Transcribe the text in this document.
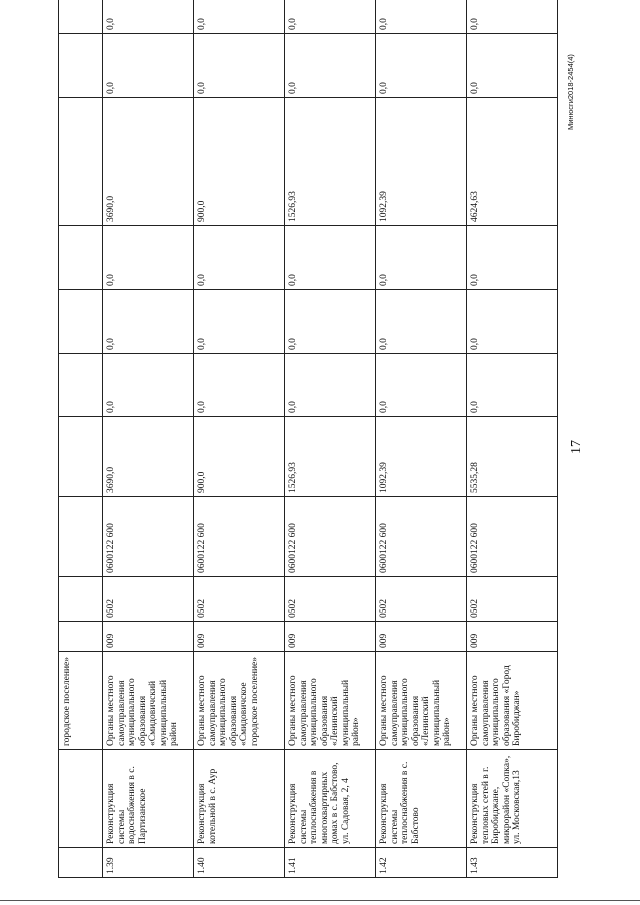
		городское поселение»										
1.39	Реконструкция системы водоснабжения в с. Партизанское	Органы местного самоуправления муниципального образования «Смидовичский муниципальный район	009	0502	0600122 600	3690,0	0,0	0,0	0,0	3690,0	0,0	0,0
1.40	Реконструкция котельной в с. Аур	Органы местного самоуправления муниципального образования «Смидовичское городское поселение»	009	0502	0600122 600	900,0	0,0	0,0	0,0	900,0	0,0	0,0
1.41	Реконструкция системы теплоснабжения в многоквартирных домах в с. Бабстово, ул. Садовая, 2, 4	Органы местного самоуправления муниципального образования «Ленинский муниципальный район»	009	0502	0600122 600	1526,93	0,0	0,0	0,0	1526,93	0,0	0,0
1.42	Реконструкция системы теплоснабжения в с. Бабстово	Органы местного самоуправления муниципального образования «Ленинский муниципальный район»	009	0502	0600122 600	1092,39	0,0	0,0	0,0	1092,39	0,0	0,0
1.43	Реконструкция тепловых сетей в г. Биробиджане, микрорайон «Сопка», ул. Московская,13	Органы местного самоуправления муниципального образования «Город Биробиджан»	009	0502	0600122 600	5535,28	0,0	0,0	0,0	4624,63	0,0	0,0
17
Минюсги2018-2454(4)
